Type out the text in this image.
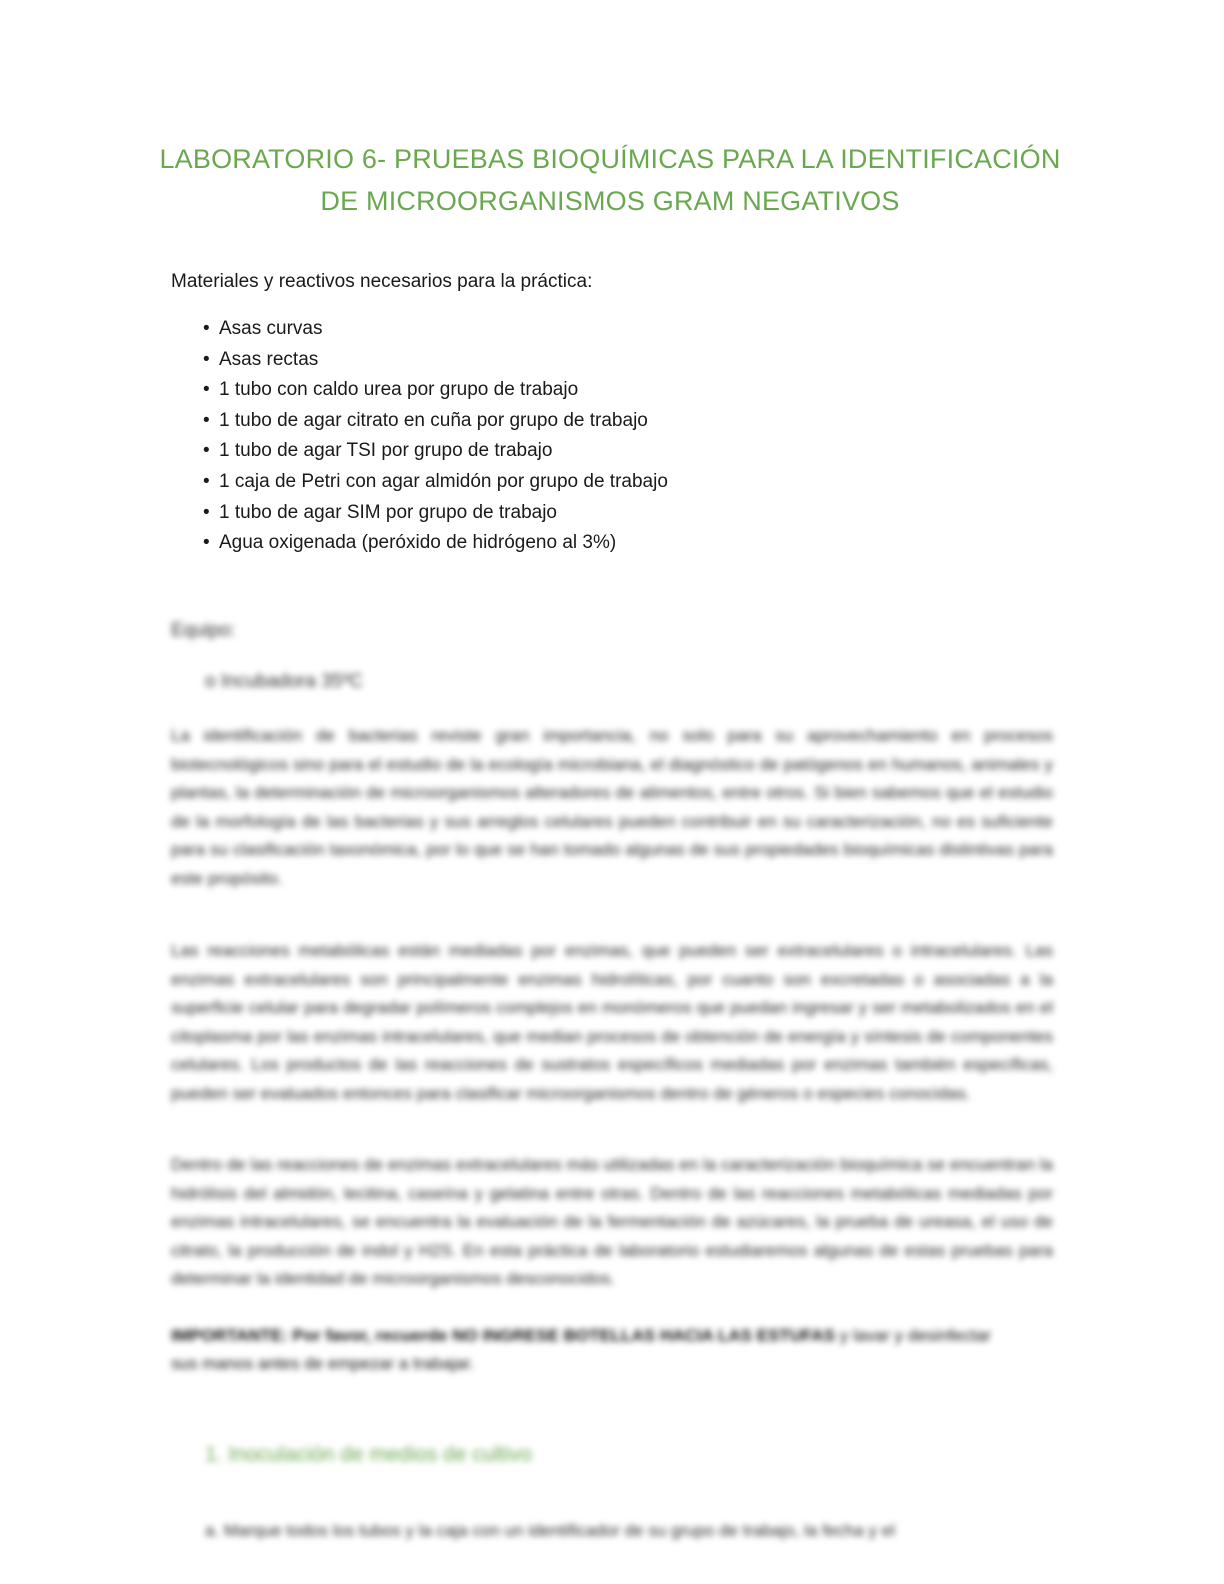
LABORATORIO 6- PRUEBAS BIOQUÍMICAS PARA LA IDENTIFICACIÓN
DE MICROORGANISMOS GRAM NEGATIVOS
Materiales y reactivos necesarios para la práctica:
• Asas curvas
• Asas rectas
• 1 tubo con caldo urea por grupo de trabajo
• 1 tubo de agar citrato en cuña por grupo de trabajo
• 1 tubo de agar TSI por grupo de trabajo
• 1 caja de Petri con agar almidón por grupo de trabajo
• 1 tubo de agar SIM por grupo de trabajo
• Agua oxigenada (peróxido de hidrógeno al 3%)
Equipo:
o Incubadora 35ºC
La identificación de bacterias reviste gran importancia, no solo para su aprovechamiento en procesos biotecnológicos sino para el estudio de la ecología microbiana, el diagnóstico de patógenos en humanos, animales y plantas, la determinación de microorganismos alteradores de alimentos, entre otros. Si bien sabemos que el estudio de la morfología de las bacterias y sus arreglos celulares pueden contribuir en su caracterización, no es suficiente para su clasificación taxonómica, por lo que se han tomado algunas de sus propiedades bioquímicas distintivas para este propósito.
Las reacciones metabólicas están mediadas por enzimas, que pueden ser extracelulares o intracelulares. Las enzimas extracelulares son principalmente enzimas hidrolíticas, por cuanto son excretadas o asociadas a la superficie celular para degradar polímeros complejos en monómeros que puedan ingresar y ser metabolizados en el citoplasma por las enzimas intracelulares, que median procesos de obtención de energía y síntesis de componentes celulares. Los productos de las reacciones de sustratos específicos mediadas por enzimas también específicas, pueden ser evaluados entonces para clasificar microorganismos dentro de géneros o especies conocidas.
Dentro de las reacciones de enzimas extracelulares más utilizadas en la caracterización bioquímica se encuentran la hidrólisis del almidón, lecitina, caseína y gelatina entre otras. Dentro de las reacciones metabólicas mediadas por enzimas intracelulares, se encuentra la evaluación de la fermentación de azúcares, la prueba de ureasa, el uso de citrato, la producción de indol y H2S. En esta práctica de laboratorio estudiaremos algunas de estas pruebas para determinar la identidad de microorganismos desconocidos.
IMPORTANTE: Por favor, recuerde NO INGRESE BOTELLAS HACIA LAS ESTUFAS y lavar y desinfectar sus manos antes de empezar a trabajar.
1. Inoculación de medios de cultivo
a. Marque todos los tubos y la caja con un identificador de su grupo de trabajo, la fecha y el
